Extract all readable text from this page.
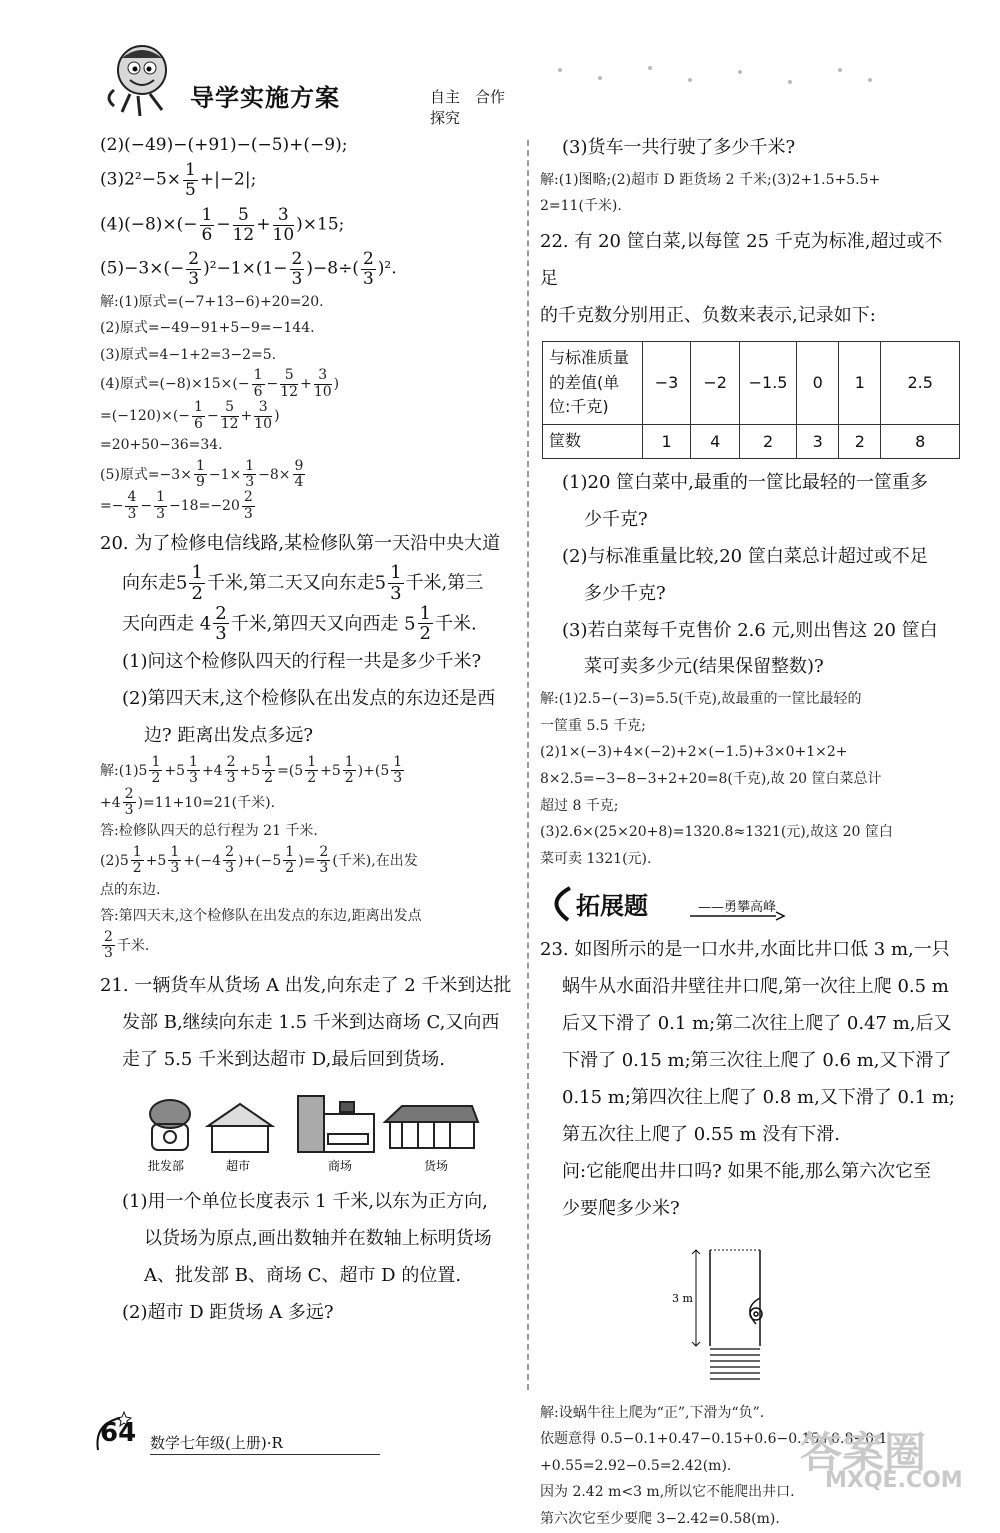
导学实施方案	自主　合作　探究
(2)(−49)−(+91)−(−5)+(−9);
$(3)2^2-5\times \frac{1}{5} +|-2|$;
$(4)(-8)\times(- \frac{1}{6} - \frac{5}{12} + \frac{3}{10} )\times 15$;
$(5)-3\times(- \frac{2}{3} )^2-1\times(1- \frac{2}{3} )-8\div( \frac{2}{3} )^2$.
解:(1)原式=(−7+13−6)+20=20.
(2)原式=−49−91+5−9=−144.
(3)原式=4−1+2=3−2=5.
(4)原式$=(-8)\times 15\times(- \frac{1}{6} - \frac{5}{12} + \frac{3}{10}$ )
$=(-120)\times(- \frac{1}{6} - \frac{5}{12} + \frac{3}{10}$ )
=20+50−36=34.
(5)原式$=-3\times \frac{1}{9} -1\times \frac{1}{3} -8\times \frac{9}{4}$
=− $\frac{4}{3} - \frac{1}{3} -18=-20 \frac{2}{3}$
20. 为了检修电信线路,某检修队第一天沿中央大道
向东走$5 \frac{1}{2}$ 千米,第二天又向东走$5 \frac{1}{3}$ 千米,第三
天向西走 $4 \frac{2}{3}$ 千米,第四天又向西走 $5 \frac{1}{2}$ 千米.
(1)问这个检修队四天的行程一共是多少千米?
(2)第四天末,这个检修队在出发点的东边还是西
边? 距离出发点多远?
解:(1)5 $\frac{1}{2} +5 \frac{1}{3} +4 \frac{2}{3} +5 \frac{1}{2} =(5 \frac{1}{2} +5 \frac{1}{2} )+(5 \frac{1}{3}$
$+4 \frac{2}{3} )=11+10=21$(千米).
答:检修队四天的总行程为 21 千米.
$(2)5 \frac{1}{2} +5 \frac{1}{3} +(-4 \frac{2}{3} )+(-5 \frac{1}{2}$ )= $\frac{2}{3}$ (千米),在出发
点的东边.
答:第四天末,这个检修队在出发点的东边,距离出发点
$\frac{2}{3}$ 千米.
21. 一辆货车从货场 A 出发,向东走了 2 千米到达批
发部 B,继续向东走 1.5 千米到达商场 C,又向西
走了 5.5 千米到达超市 D,最后回到货场.
批发部	超市	商场	货场
(1)用一个单位长度表示 1 千米,以东为正方向,
以货场为原点,画出数轴并在数轴上标明货场
A、批发部 B、商场 C、超市 D 的位置.
(2)超市 D 距货场 A 多远?
(3)货车一共行驶了多少千米?
解:(1)图略;(2)超市 D 距货场 2 千米;(3)2+1.5+5.5+
2=11(千米).
22. 有 20 筐白菜,以每筐 25 千克为标准,超过或不足
的千克数分别用正、负数来表示,记录如下:
与标准质量的差值(单位:千克)	−3	−2	−1.5	0	1	2.5
筐数	1	4	2	3	2	8
(1)20 筐白菜中,最重的一筐比最轻的一筐重多
少千克?
(2)与标准重量比较,20 筐白菜总计超过或不足
多少千克?
(3)若白菜每千克售价 2.6 元,则出售这 20 筐白
菜可卖多少元(结果保留整数)?
解:(1)2.5−(−3)=5.5(千克),故最重的一筐比最轻的
一筐重 5.5 千克;
(2)1×(−3)+4×(−2)+2×(−1.5)+3×0+1×2+
8×2.5=−3−8−3+2+20=8(千克),故 20 筐白菜总计
超过 8 千克;
(3)2.6×(25×20+8)=1320.8≈1321(元),故这 20 筐白
菜可卖 1321(元).
拓展题	——勇攀高峰
23. 如图所示的是一口水井,水面比井口低 3 m,一只
蜗牛从水面沿井壁往井口爬,第一次往上爬 0.5 m
后又下滑了 0.1 m;第二次往上爬了 0.47 m,后又
下滑了 0.15 m;第三次往上爬了 0.6 m,又下滑了
0.15 m;第四次往上爬了 0.8 m,又下滑了 0.1 m;
第五次往上爬了 0.55 m 没有下滑.
问:它能爬出井口吗? 如果不能,那么第六次它至
少要爬多少米?
3 m
解:设蜗牛往上爬为“正”,下滑为“负”.
依题意得 0.5−0.1+0.47−0.15+0.6−0.15+0.8−0.1
+0.55=2.92−0.5=2.42(m).
因为 2.42 m<3 m,所以它不能爬出井口.
第六次它至少要爬 3−2.42=0.58(m).
64 数学七年级(上册)·R	答案圈
MXQE.COM
